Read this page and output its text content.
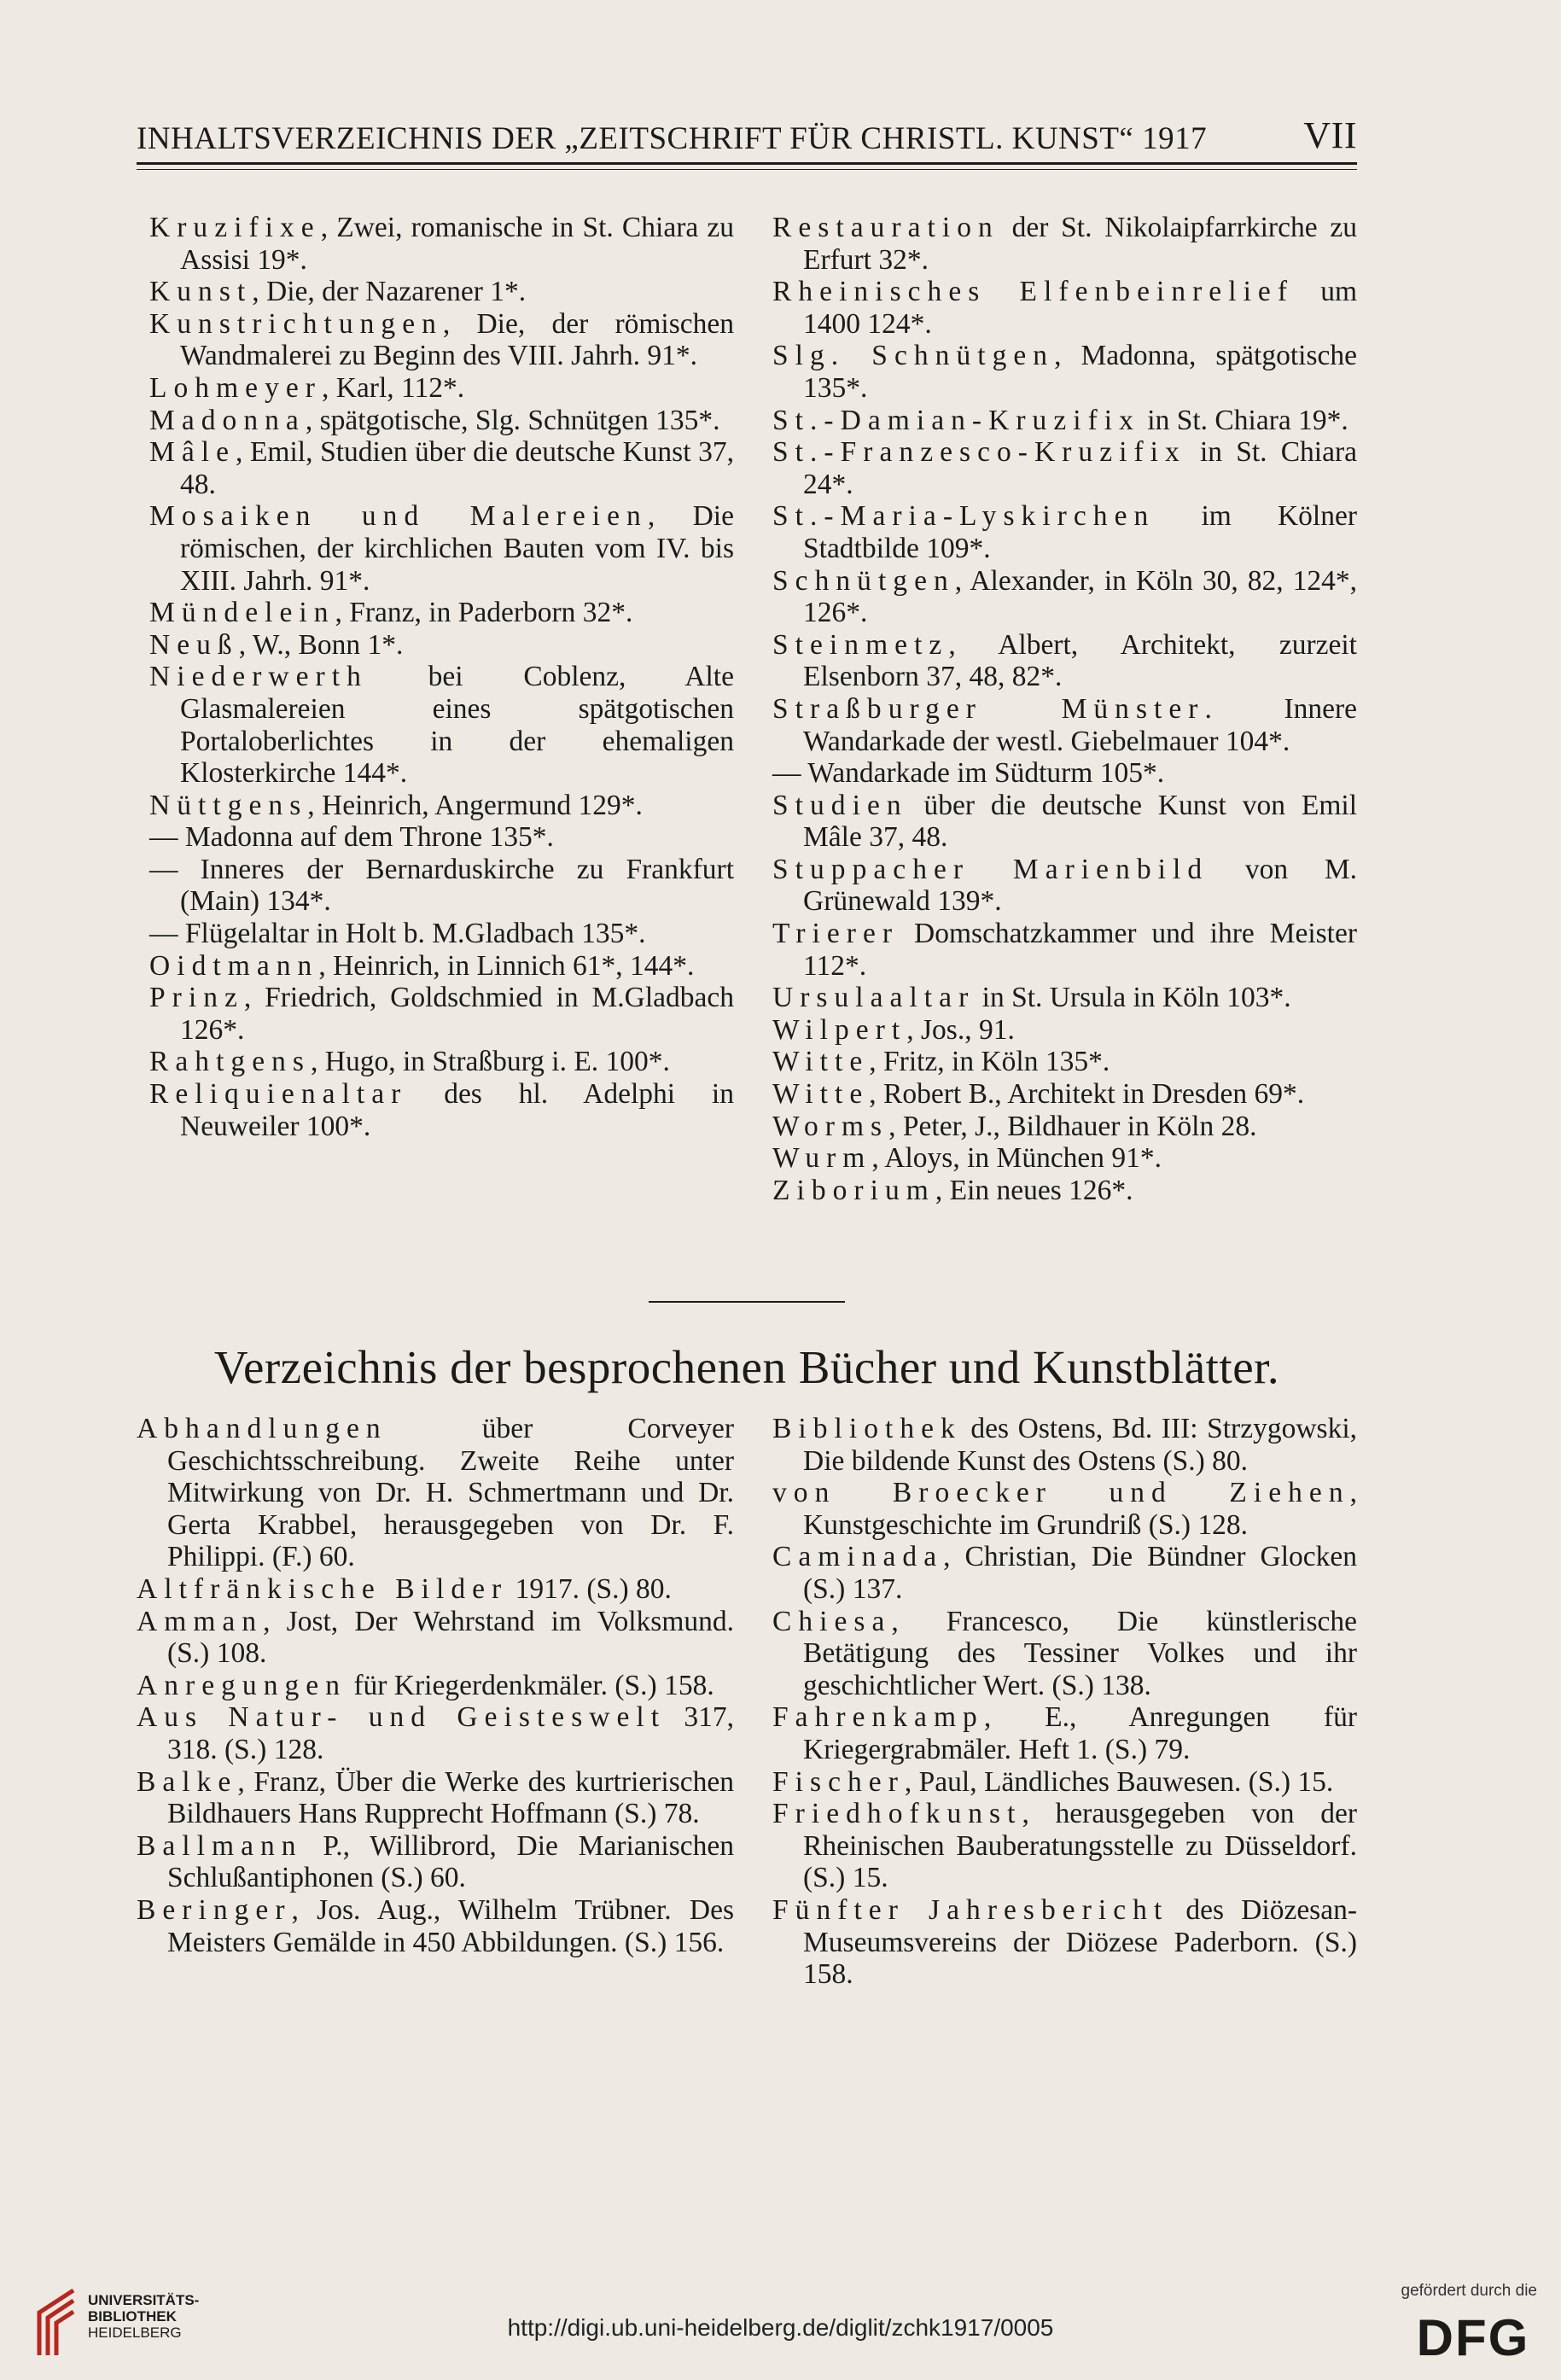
INHALTSVERZEICHNIS DER „ZEITSCHRIFT FÜR CHRISTL. KUNST“ 1917	VII
Kruzifixe, Zwei, romanische in St. Chiara zu Assisi 19*.
Kunst, Die, der Nazarener 1*.
Kunstrichtungen, Die, der römischen Wandmalerei zu Beginn des VIII. Jahrh. 91*.
Lohmeyer, Karl, 112*.
Madonna, spätgotische, Slg. Schnütgen 135*.
Mâle, Emil, Studien über die deutsche Kunst 37, 48.
Mosaiken und Malereien, Die römischen, der kirchlichen Bauten vom IV. bis XIII. Jahrh. 91*.
Mündelein, Franz, in Paderborn 32*.
Neuß, W., Bonn 1*.
Niederwerth bei Coblenz, Alte Glasmalereien eines spätgotischen Portaloberlichtes in der ehemaligen Klosterkirche 144*.
Nüttgens, Heinrich, Angermund 129*.
— Madonna auf dem Throne 135*.
— Inneres der Bernarduskirche zu Frankfurt (Main) 134*.
— Flügelaltar in Holt b. M.Gladbach 135*.
Oidtmann, Heinrich, in Linnich 61*, 144*.
Prinz, Friedrich, Goldschmied in M.Gladbach 126*.
Rahtgens, Hugo, in Straßburg i. E. 100*.
Reliquienaltar des hl. Adelphi in Neuweiler 100*.
Restauration der St. Nikolaipfarrkirche zu Erfurt 32*.
Rheinisches Elfenbeinrelief um 1400 124*.
Slg. Schnütgen, Madonna, spätgotische 135*.
St.-Damian-Kruzifix in St. Chiara 19*.
St.-Franzesco-Kruzifix in St. Chiara 24*.
St.-Maria-Lyskirchen im Kölner Stadtbilde 109*.
Schnütgen, Alexander, in Köln 30, 82, 124*, 126*.
Steinmetz, Albert, Architekt, zurzeit Elsenborn 37, 48, 82*.
Straßburger Münster. Innere Wandarkade der westl. Giebelmauer 104*.
— Wandarkade im Südturm 105*.
Studien über die deutsche Kunst von Emil Mâle 37, 48.
Stuppacher Marienbild von M. Grünewald 139*.
Trierer Domschatzkammer und ihre Meister 112*.
Ursulaaltar in St. Ursula in Köln 103*.
Wilpert, Jos., 91.
Witte, Fritz, in Köln 135*.
Witte, Robert B., Architekt in Dresden 69*.
Worms, Peter, J., Bildhauer in Köln 28.
Wurm, Aloys, in München 91*.
Ziborium, Ein neues 126*.
Verzeichnis der besprochenen Bücher und Kunstblätter.
Abhandlungen über Corveyer Geschichtsschreibung. Zweite Reihe unter Mitwirkung von Dr. H. Schmertmann und Dr. Gerta Krabbel, herausgegeben von Dr. F. Philippi. (F.) 60.
Altfränkische Bilder 1917. (S.) 80.
Amman, Jost, Der Wehrstand im Volksmund. (S.) 108.
Anregungen für Kriegerdenkmäler. (S.) 158.
Aus Natur- und Geisteswelt 317, 318. (S.) 128.
Balke, Franz, Über die Werke des kurtrierischen Bildhauers Hans Rupprecht Hoffmann (S.) 78.
Ballmann P., Willibrord, Die Marianischen Schlußantiphonen (S.) 60.
Beringer, Jos. Aug., Wilhelm Trübner. Des Meisters Gemälde in 450 Abbildungen. (S.) 156.
Bibliothek des Ostens, Bd. III: Strzygowski, Die bildende Kunst des Ostens (S.) 80.
von Broecker und Ziehen, Kunstgeschichte im Grundriß (S.) 128.
Caminada, Christian, Die Bündner Glocken (S.) 137.
Chiesa, Francesco, Die künstlerische Betätigung des Tessiner Volkes und ihr geschichtlicher Wert. (S.) 138.
Fahrenkamp, E., Anregungen für Kriegergrabmäler. Heft 1. (S.) 79.
Fischer, Paul, Ländliches Bauwesen. (S.) 15.
Friedhofkunst, herausgegeben von der Rheinischen Bauberatungsstelle zu Düsseldorf. (S.) 15.
Fünfter Jahresbericht des Diözesan-Museumsvereins der Diözese Paderborn. (S.) 158.
UNIVERSITÄTS-
BIBLIOTHEK
HEIDELBERG	http://digi.ub.uni-heidelberg.de/diglit/zchk1917/0005
gefördert durch die
DFG
